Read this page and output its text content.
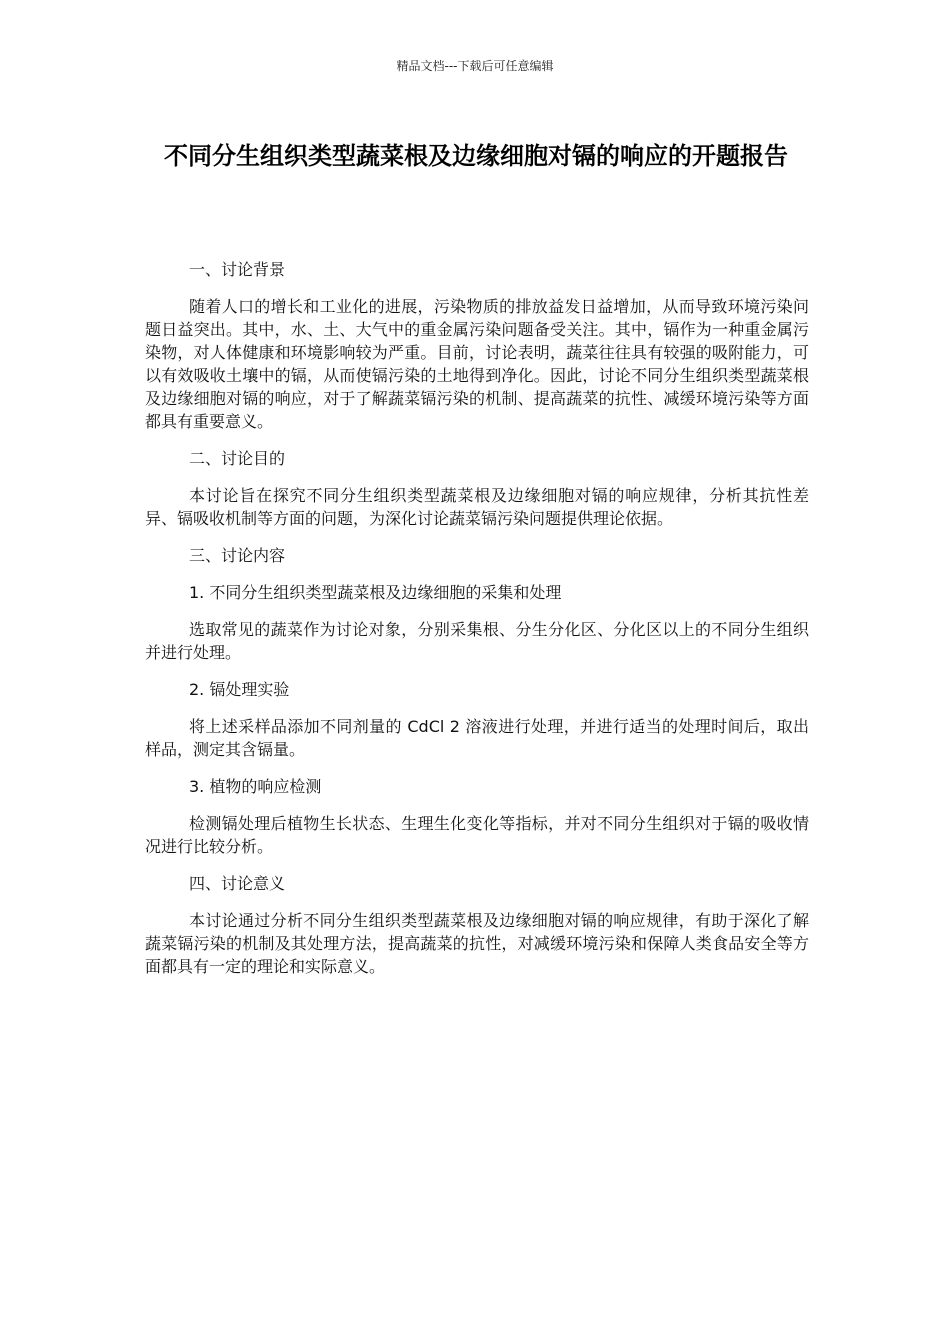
精品文档---下载后可任意编辑
不同分生组织类型蔬菜根及边缘细胞对镉的响应的开题报告

一、讨论背景

随着人口的增长和工业化的进展，污染物质的排放益发日益增加，从而导致环境污染问题日益突出。其中，水、土、大气中的重金属污染问题备受关注。其中，镉作为一种重金属污染物，对人体健康和环境影响较为严重。目前，讨论表明，蔬菜往往具有较强的吸附能力，可以有效吸收土壤中的镉，从而使镉污染的土地得到净化。因此，讨论不同分生组织类型蔬菜根及边缘细胞对镉的响应，对于了解蔬菜镉污染的机制、提高蔬菜的抗性、减缓环境污染等方面都具有重要意义。

二、讨论目的

本讨论旨在探究不同分生组织类型蔬菜根及边缘细胞对镉的响应规律，分析其抗性差异、镉吸收机制等方面的问题，为深化讨论蔬菜镉污染问题提供理论依据。

三、讨论内容

1. 不同分生组织类型蔬菜根及边缘细胞的采集和处理

选取常见的蔬菜作为讨论对象，分别采集根、分生分化区、分化区以上的不同分生组织并进行处理。

2. 镉处理实验

将上述采样品添加不同剂量的 CdCl 2 溶液进行处理，并进行适当的处理时间后，取出样品，测定其含镉量。

3. 植物的响应检测

检测镉处理后植物生长状态、生理生化变化等指标，并对不同分生组织对于镉的吸收情况进行比较分析。

四、讨论意义

本讨论通过分析不同分生组织类型蔬菜根及边缘细胞对镉的响应规律，有助于深化了解蔬菜镉污染的机制及其处理方法，提高蔬菜的抗性，对减缓环境污染和保障人类食品安全等方面都具有一定的理论和实际意义。
